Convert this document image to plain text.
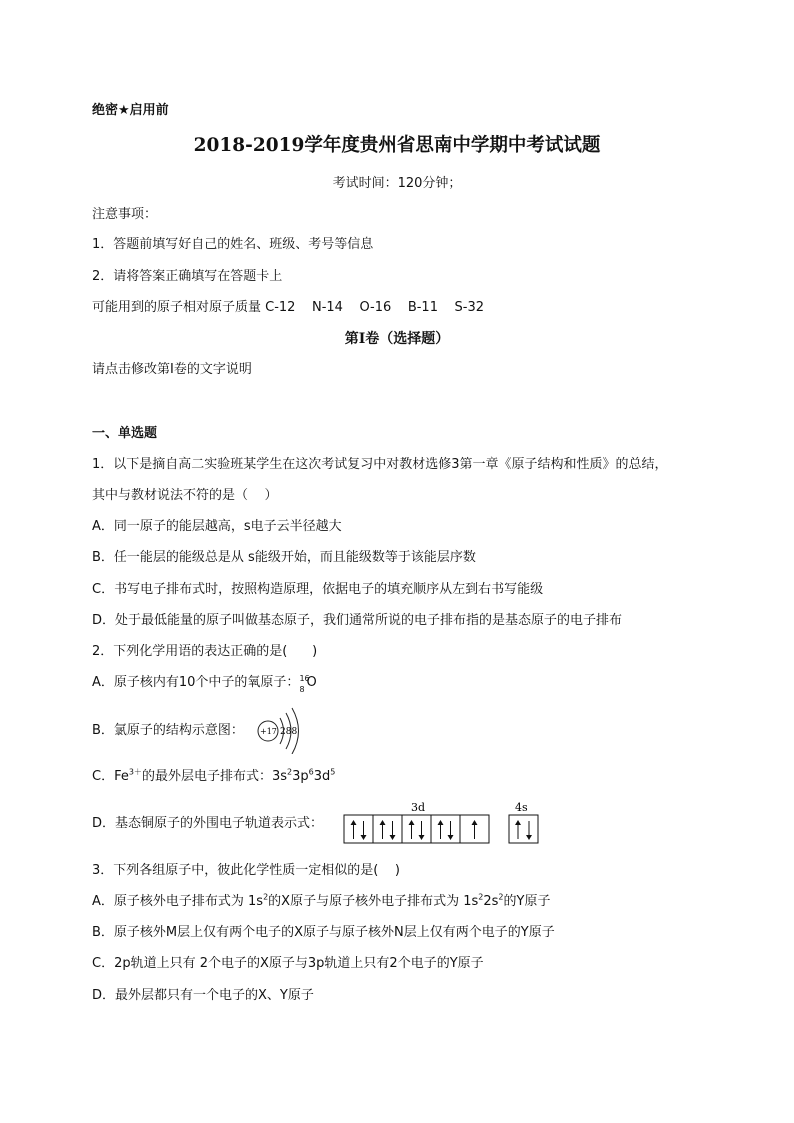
绝密★启用前
2018-2019学年度贵州省思南中学期中考试试题
考试时间：120分钟；
注意事项：
1．答题前填写好自己的姓名、班级、考号等信息
2．请将答案正确填写在答题卡上
可能用到的原子相对原子质量 C-12    N-14    O-16    B-11    S-32
第I卷（选择题）
请点击修改第I卷的文字说明
一、单选题
1．以下是摘自高二实验班某学生在这次考试复习中对教材选修3第一章《原子结构和性质》的总结，
其中与教材说法不符的是（    ）
A．同一原子的能层越高，s电子云半径越大
B．任一能层的能级总是从 s能级开始，而且能级数等于该能层序数
C．书写电子排布式时，按照构造原理，依据电子的填充顺序从左到右书写能级
D．处于最低能量的原子叫做基态原子，我们通常所说的电子排布指的是基态原子的电子排布
2．下列化学用语的表达正确的是(      )
A．原子核内有10个中子的氧原子： 16
8 O
B．氯原子的结构示意图： +17 288
C．$Fe^{3+}$的最外层电子排布式：$3s^23p^63d^5$
D．基态铜原子的外围电子轨道表示式：
3d	4s
3．下列各组原子中，彼此化学性质一定相似的是(    )
A．原子核外电子排布式为 $1s^2$的X原子与原子核外电子排布式为 $1s^22s^2$的Y原子
B．原子核外M层上仅有两个电子的X原子与原子核外N层上仅有两个电子的Y原子
C．2p轨道上只有 2个电子的X原子与3p轨道上只有2个电子的Y原子
D．最外层都只有一个电子的X、Y原子
